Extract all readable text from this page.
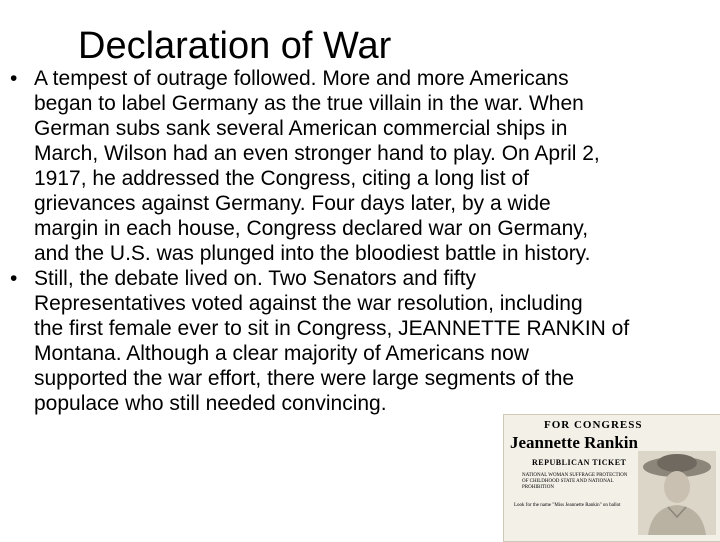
Declaration of War
• A tempest of outrage followed. More and more Americans
began to label Germany as the true villain in the war. When
German subs sank several American commercial ships in
March, Wilson had an even stronger hand to play. On April 2,
1917, he addressed the Congress, citing a long list of
grievances against Germany. Four days later, by a wide
margin in each house, Congress declared war on Germany,
and the U.S. was plunged into the bloodiest battle in history.
• Still, the debate lived on. Two Senators and fifty
Representatives voted against the war resolution, including
the first female ever to sit in Congress, JEANNETTE RANKIN of
Montana. Although a clear majority of Americans now
supported the war effort, there were large segments of the
populace who still needed convincing.
FOR CONGRESS
Jeannette Rankin
REPUBLICAN TICKET
NATIONAL WOMAN SUFFRAGE PROTECTION OF CHILDHOOD STATE AND NATIONAL PROHIBITION
Look for the name "Miss Jeannette Rankin" on ballot
